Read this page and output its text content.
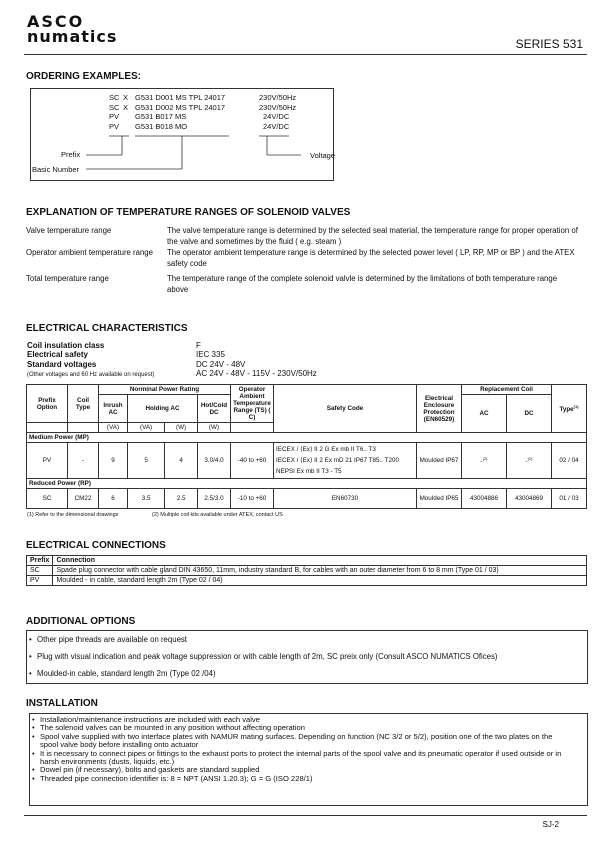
ASCO
numatics	SERIES 531
ORDERING EXAMPLES:
SC X G531 D001 MS TPL 24017	230V/50Hz
SC X G531 D002 MS TPL 24017	230V/50Hz
PV G531 B017 MS	24V/DC
PV G531 B018 MO	24V/DC
Prefix
Basic Number
Voltage
EXPLANATION OF TEMPERATURE RANGES OF SOLENOID VALVES
Valve temperature range	The valve temperature range is determined by the selected seal material, the temperature range for proper operation of the valve and sometimes by the fluid ( e.g. steam )
Operator ambient temperature range	The operator ambient temperature range is determined by the selected power level ( LP, RP, MP or BP ) and the ATEX safety code
Total temperature range	The temperature range of the complete solenoid valvle is determined by the limitations of both temperature range above
ELECTRICAL CHARACTERISTICS
Coil insulation class	F
Electrical safety	IEC 335
Standard voltages	DC 24V - 48V
(Other voltages and 60 Hz available on request)	AC 24V - 48V - 115V - 230V/50Hz
Prefix Option	Coil Type	Norminal Power Rating				Operator Ambient Temperature Range (TS) ( C)	Safety Code	Electrical Enclosure Protection (EN60529)	Replacement Coil		Type$^{(1)}$
		Inrush AC	Holding AC		Hot/Cold DC				AC	DC	
		(VA)	(VA)	(W)	(W)						
Medium Power (MP)											
PV	-	9	5	4	3.0/4.0	-40 to +60	IECEX / ⟨Ex⟩ II 2 G Ex mb II T6.. T3
IECEX / ⟨Ex⟩ II 2 Ex mD 21 IP67 T85.. T200
NEPSI Ex mb II T3 - T5	Moulded IP67	-$^{(2)}$	-$^{(2)}$	02 / 04
Reduced Power (RP)											
SC	CM22	6	3.5	2.5	2.5/3.0	-10 to +60	EN60730	Moulded IP65	43004886	43004869	01 / 03
(1) Refer to the dimensional drawings	(2) Multiple coil kits available under ATEX, contact US
ELECTRICAL CONNECTIONS
Prefix	Connection
SC	Spade plug connector with cable gland DIN 43650, 11mm, industry standard B, for cables with an outer diameter from 6 to 8 mm (Type 01 / 03)
PV	Moulded - in cable, standard length 2m (Type 02 / 04)
ADDITIONAL OPTIONS
• Other pipe threads are available on request
• Plug with visual indication and peak voltage suppression or with cable length of 2m, SC preix only (Consult ASCO NUMATICS Ofices)
• Moulded-in cable, standard length 2m (Type 02 /04)
INSTALLATION
• Installation/maintenance instructions are included with each valve
• The solenoid valves can be mounted in any position without affecting operation
• Spool valve supplied with two interface plates with NAMUR mating surfaces. Depending on function (NC 3/2 or 5/2), position one of the two plates on the spool valve body before installing onto actuator
• It is necessary to connect pipes or fittings to the exhaust ports to protect the internal parts of the spool valve and its pneumatic operator if used outside or in harsh environments (dusts, liquids, etc.)
• Dowel pin (if necessary), bolts and gaskets are standard supplied
• Threaded pipe connection identifier is: 8 = NPT (ANSI 1.20.3); G = G (ISO 228/1)
SJ-2
